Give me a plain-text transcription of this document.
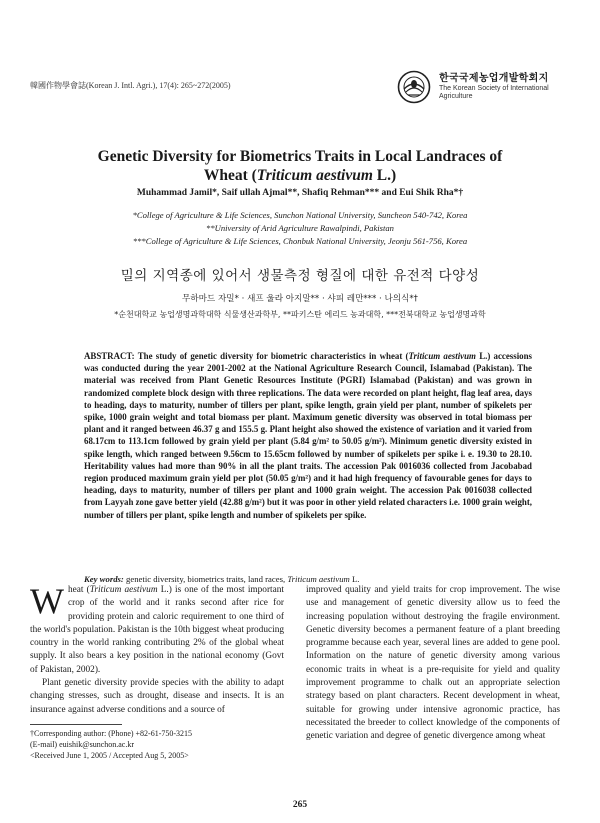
韓國作物學會誌(Korean J. Intl. Agri.), 17(4): 265~272(2005)
한국국제농업개발학회지
The Korean Society of International
Agriculture
Genetic Diversity for Biometrics Traits in Local Landraces of
Wheat (Triticum aestivum L.)
Muhammad Jamil*, Saif ullah Ajmal**, Shafiq Rehman*** and Eui Shik Rha*†
*College of Agriculture & Life Sciences, Sunchon National University, Suncheon 540-742, Korea
**University of Arid Agriculture Rawalpindi, Pakistan
***College of Agriculture & Life Sciences, Chonbuk National University, Jeonju 561-756, Korea
밀의 지역종에 있어서 생물측정 형질에 대한 유전적 다양성
무하마드 자밀* · 새프 울라 아지말** · 샤피 레만*** · 나의식*†
*순천대학교 농업생명과학대학 식물생산과학부, **파키스탄 에리드 농과대학, ***전북대학교 농업생명과학
ABSTRACT: The study of genetic diversity for biometric characteristics in wheat (Triticum aestivum L.) accessions was conducted during the year 2001-2002 at the National Agriculture Research Council, Islamabad (Pakistan). The material was received from Plant Genetic Resources Institute (PGRI) Islamabad (Pakistan) and was grown in randomized complete block design with three replications. The data were recorded on plant height, flag leaf area, days to heading, days to maturity, number of tillers per plant, spike length, grain yield per plant, number of spikelets per spike, 1000 grain weight and total biomass per plant. Maximum genetic diversity was observed in total biomass per plant and it ranged between 46.37 g and 155.5 g. Plant height also showed the existence of variation and it varied from 68.17cm to 113.1cm followed by grain yield per plant (5.84 g/m² to 50.05 g/m²). Minimum genetic diversity existed in spike length, which ranged between 9.56cm to 15.65cm followed by number of spikelets per spike i. e. 19.30 to 28.10. Heritability values had more than 90% in all the plant traits. The accession Pak 0016036 collected from Jacobabad region produced maximum grain yield per plot (50.05 g/m²) and it had high frequency of favourable genes for days to heading, days to maturity, number of tillers per plant and 1000 grain weight. The accession Pak 0016038 collected from Layyah zone gave better yield (42.88 g/m²) but it was poor in other yield related characters i.e. 1000 grain weight, number of tillers per plant, spike length and number of spikelets per spike.
Key words: genetic diversity, biometrics traits, land races, Triticum aestivum L.

Wheat (Triticum aestivum L.) is one of the most important crop of the world and it ranks second after rice for providing protein and caloric requirement to one third of the world's population. Pakistan is the 10th biggest wheat producing country in the world ranking contributing 2% of the global wheat supply. It also bears a key position in the national economy (Govt of Pakistan, 2002).

Plant genetic diversity provide species with the ability to adapt changing stresses, such as drought, disease and insects. It is an insurance against adverse conditions and a source of

†Corresponding author: (Phone) +82-61-750-3215

(E-mail) euishik@sunchon.ac.kr

<Received June 1, 2005 / Accepted Aug 5, 2005>

improved quality and yield traits for crop improvement. The wise use and management of genetic diversity allow us to feed the increasing population without destroying the fragile environment. Genetic diversity becomes a permanent feature of a plant breeding programme because each year, several lines are added to gene pool. Information on the nature of genetic diversity among various economic traits in wheat is a pre-requisite for yield and quality improvement programme to chalk out an appropriate selection strategy based on plant characters. Recent development in wheat, suitable for growing under intensive agronomic practice, has necessitated the breeder to collect knowledge of the components of genetic variation and degree of genetic divergence among wheat

265
